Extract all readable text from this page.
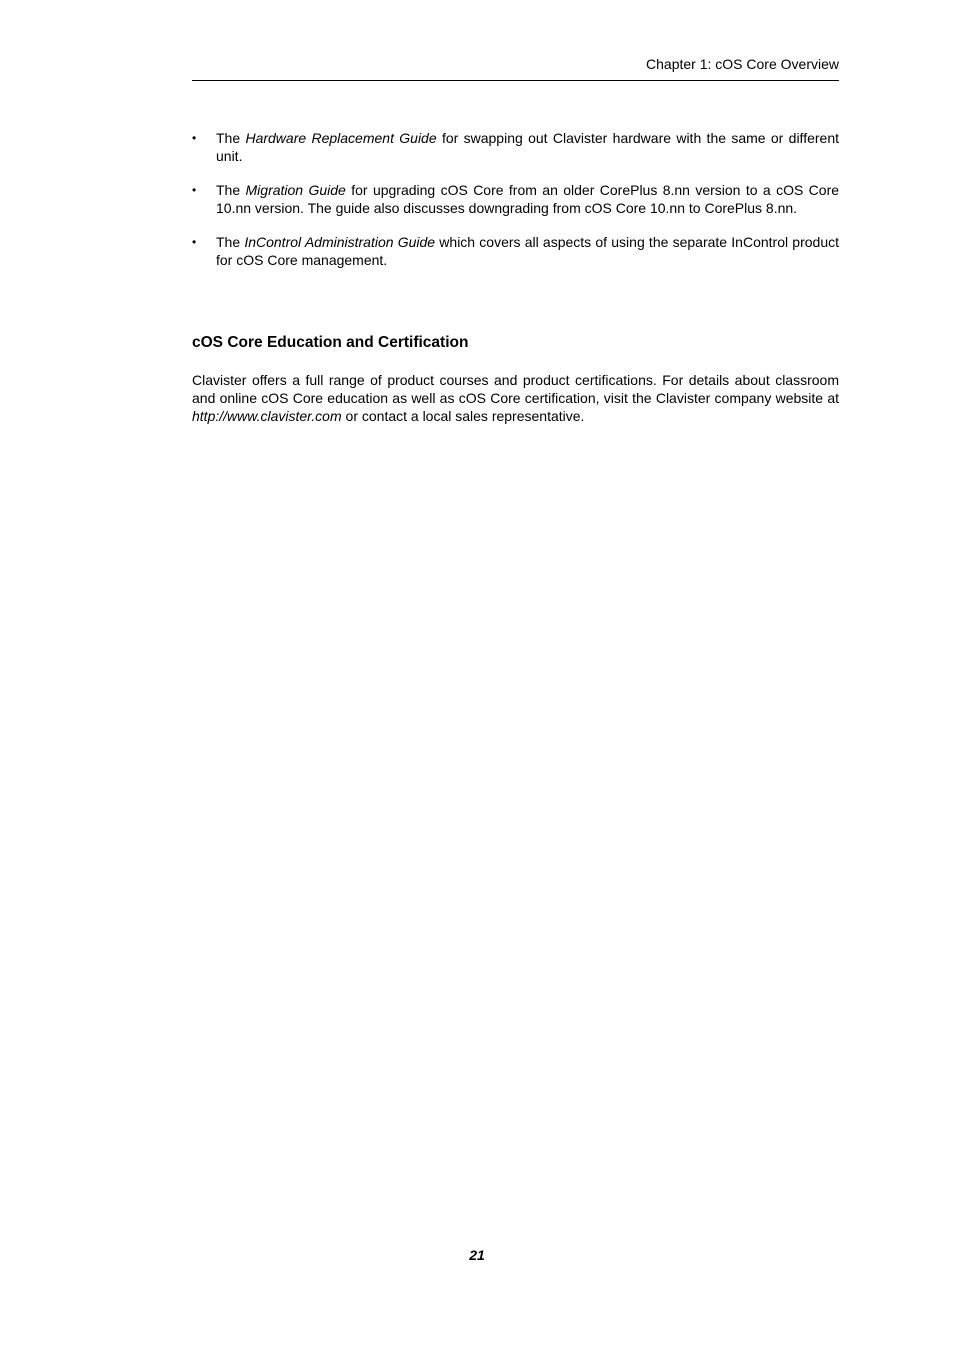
Chapter 1: cOS Core Overview
•	The Hardware Replacement Guide for swapping out Clavister hardware with the same or different unit.
•	The Migration Guide for upgrading cOS Core from an older CorePlus 8.nn version to a cOS Core 10.nn version. The guide also discusses downgrading from cOS Core 10.nn to CorePlus 8.nn.
•	The InControl Administration Guide which covers all aspects of using the separate InControl product for cOS Core management.
cOS Core Education and Certification

Clavister offers a full range of product courses and product certifications. For details about classroom and online cOS Core education as well as cOS Core certification, visit the Clavister company website at http://www.clavister.com or contact a local sales representative.

21
